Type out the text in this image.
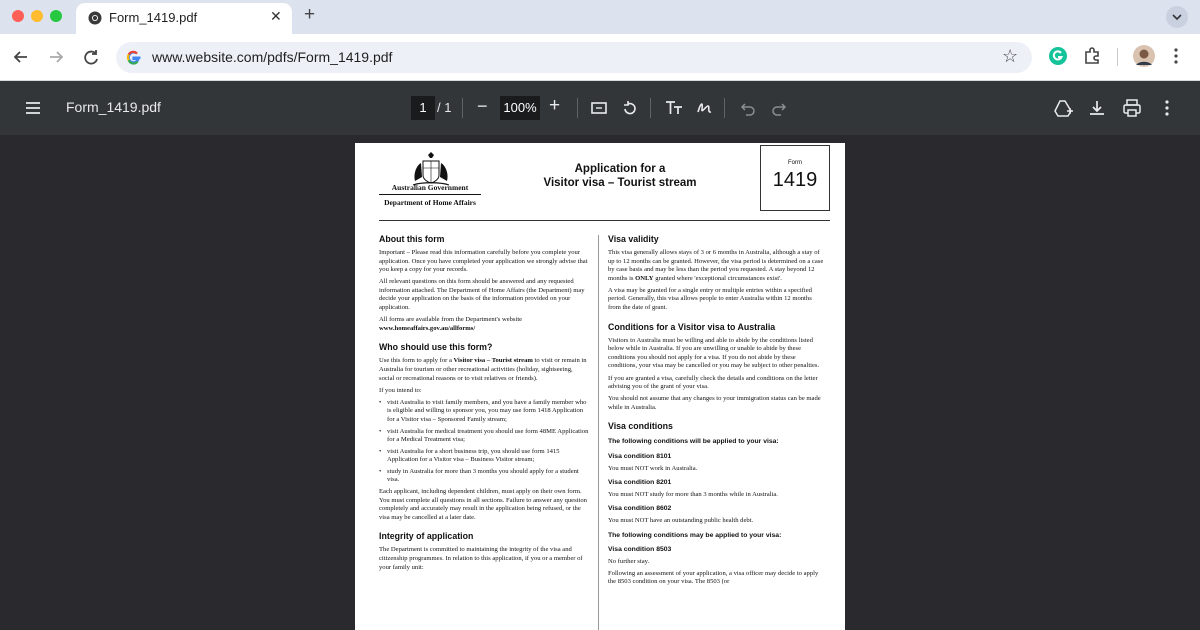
Form_1419.pdf	✕ +
www.website.com/pdfs/Form_1419.pdf	☆
Form_1419.pdf	1 / 1 − 100% +
Australian Government
Department of Home Affairs
Application for a
Visitor visa – Tourist stream
Form
1419
About this form
Important – Please read this information carefully before you complete your application. Once you have completed your application we strongly advise that you keep a copy for your records.
All relevant questions on this form should be answered and any requested information attached. The Department of Home Affairs (the Department) may decide your application on the basis of the information provided on your application.
All forms are available from the Department's website
www.homeaffairs.gov.au/allforms/
Who should use this form?
Use this form to apply for a Visitor visa – Tourist stream to visit or remain in Australia for tourism or other recreational activities (holiday, sightseeing, social or recreational reasons or to visit relatives or friends).
If you intend to:
• visit Australia to visit family members, and you have a family member who is eligible and willing to sponsor you, you may use form 1418 Application for a Visitor visa – Sponsored Family stream;
• visit Australia for medical treatment you should use form 48ME Application for a Medical Treatment visa;
• visit Australia for a short business trip, you should use form 1415 Application for a Visitor visa – Business Visitor stream;
• study in Australia for more than 3 months you should apply for a student visa.
Each applicant, including dependent children, must apply on their own form. You must complete all questions in all sections. Failure to answer any question completely and accurately may result in the application being refused, or the visa may be cancelled at a later date.
Integrity of application
The Department is committed to maintaining the integrity of the visa and citizenship programmes. In relation to this application, if you or a member of your family unit:
Visa validity
This visa generally allows stays of 3 or 6 months in Australia, although a stay of up to 12 months can be granted. However, the visa period is determined on a case by case basis and may be less than the period you requested. A stay beyond 12 months is ONLY granted where 'exceptional circumstances exist'.
A visa may be granted for a single entry or multiple entries within a specified period. Generally, this visa allows people to enter Australia within 12 months from the date of grant.
Conditions for a Visitor visa to Australia
Visitors to Australia must be willing and able to abide by the conditions listed below while in Australia. If you are unwilling or unable to abide by these conditions you should not apply for a visa. If you do not abide by these conditions, your visa may be cancelled or you may be subject to other penalties.
If you are granted a visa, carefully check the details and conditions on the letter advising you of the grant of your visa.
You should not assume that any changes to your immigration status can be made while in Australia.
Visa conditions
The following conditions will be applied to your visa:
Visa condition 8101
You must NOT work in Australia.
Visa condition 8201
You must NOT study for more than 3 months while in Australia.
Visa condition 8602
You must NOT have an outstanding public health debt.
The following conditions may be applied to your visa:
Visa condition 8503
No further stay.
Following an assessment of your application, a visa officer may decide to apply the 8503 condition on your visa. The 8503 (or
